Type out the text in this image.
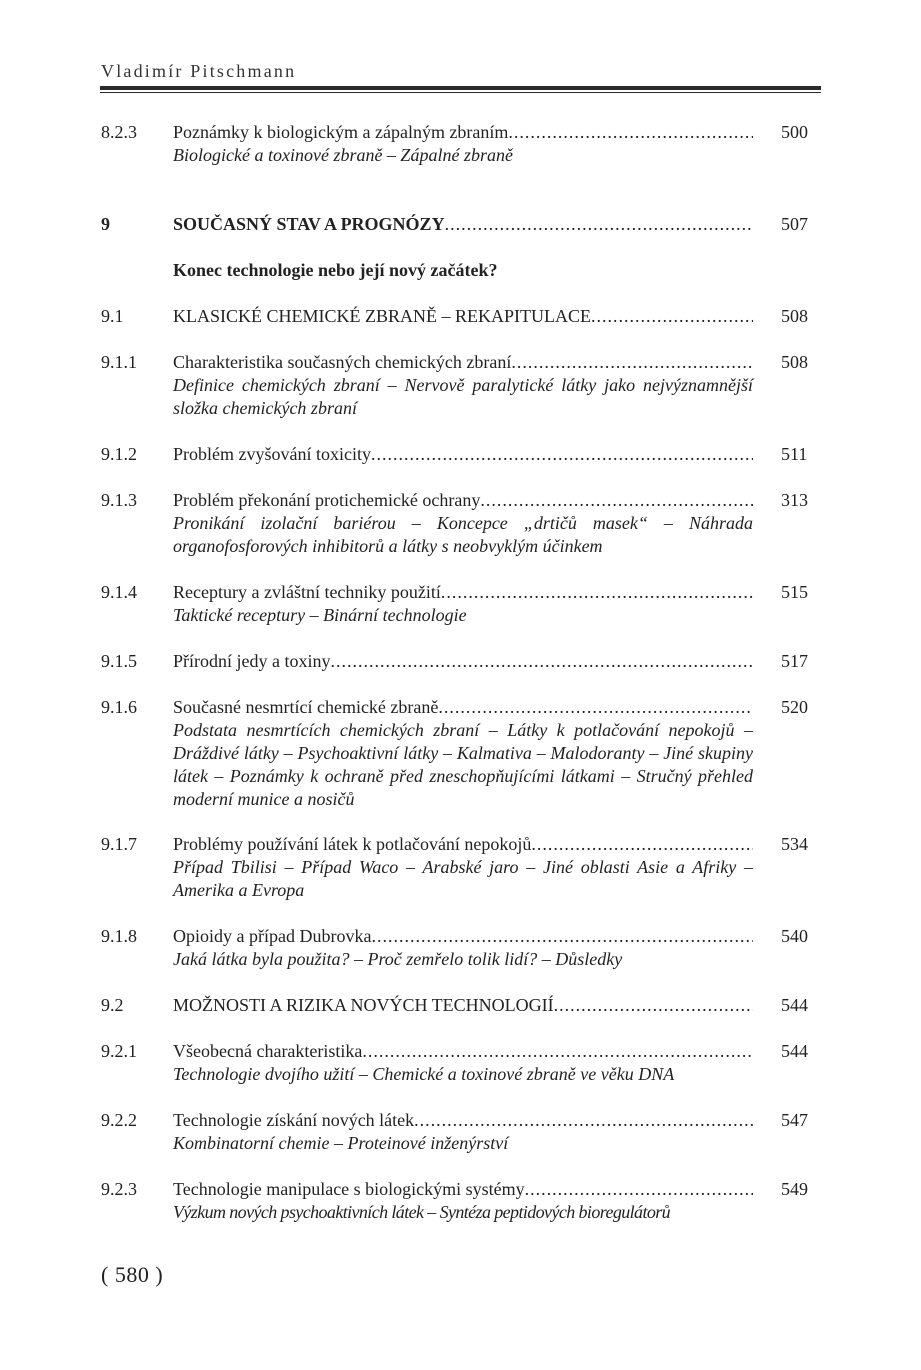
Vladimír Pitschmann
8.2.3 Poznámky k biologickým a zápalným zbraním .....	500
Biologické a toxinové zbraně – Zápalné zbraně
9	SOUČASNÝ STAV A PROGNÓZY .....	507
Konec technologie nebo její nový začátek?
9.1	KLASICKÉ CHEMICKÉ ZBRANĚ – REKAPITULACE .....	508
9.1.1 Charakteristika současných chemických zbraní .....	508
Definice chemických zbraní – Nervově paralytické látky jako nejvýznamnější složka chemických zbraní
9.1.2 Problém zvyšování toxicity .....	511
9.1.3 Problém překonání protichemické ochrany .....	313
Pronikání izolační bariérou – Koncepce „drtičů masek“ – Náhrada organofosforových inhibitorů a látky s neobvyklým účinkem
9.1.4 Receptury a zvláštní techniky použití .....	515
Taktické receptury – Binární technologie
9.1.5 Přírodní jedy a toxiny .....	517
9.1.6 Současné nesmrtící chemické zbraně .....	520
Podstata nesmrtících chemických zbraní – Látky k potlačování nepokojů – Dráždivé látky – Psychoaktivní látky – Kalmativa – Malodoranty – Jiné skupiny látek – Poznámky k ochraně před zneschopňujícími látkami – Stručný přehled moderní munice a nosičů
9.1.7 Problémy používání látek k potlačování nepokojů .....	534
Případ Tbilisi – Případ Waco – Arabské jaro – Jiné oblasti Asie a Afriky – Amerika a Evropa
9.1.8 Opioidy a případ Dubrovka .....	540
Jaká látka byla použita? – Proč zemřelo tolik lidí? – Důsledky
9.2	MOŽNOSTI A RIZIKA NOVÝCH TECHNOLOGIÍ .....	544
9.2.1 Všeobecná charakteristika .....	544
Technologie dvojího užití – Chemické a toxinové zbraně ve věku DNA
9.2.2 Technologie získání nových látek .....	547
Kombinatorní chemie – Proteinové inženýrství
9.2.3 Technologie manipulace s biologickými systémy .....	549
Výzkum nových psychoaktivních látek – Syntéza peptidových bioregulátorů
( 580 )
